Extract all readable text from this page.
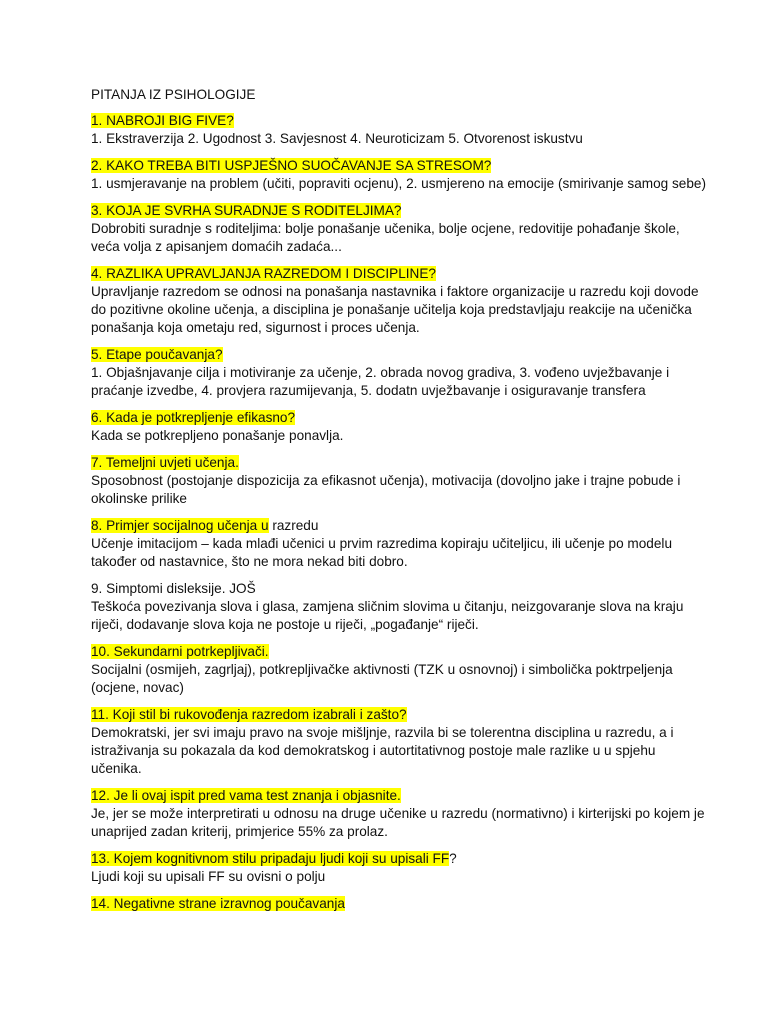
PITANJA IZ PSIHOLOGIJE
1. NABROJI BIG FIVE?
1. Ekstraverzija 2. Ugodnost 3. Savjesnost 4. Neuroticizam 5. Otvorenost iskustvu
2. KAKO TREBA BITI USPJEŠNO SUOČAVANJE SA STRESOM?
1. usmjeravanje na problem (učiti, popraviti ocjenu), 2. usmjereno na emocije (smirivanje samog sebe)
3. KOJA JE SVRHA SURADNJE S RODITELJIMA?
Dobrobiti suradnje s roditeljima: bolje ponašanje učenika, bolje ocjene, redovitije pohađanje škole, veća volja z apisanjem domaćih zadaća...
4. RAZLIKA UPRAVLJANJA RAZREDOM I DISCIPLINE?
Upravljanje razredom se odnosi na ponašanja nastavnika i faktore organizacije u razredu koji dovode do pozitivne okoline učenja, a disciplina je ponašanje učitelja koja predstavljaju reakcije na učenička ponašanja koja ometaju red, sigurnost i proces učenja.
5. Etape poučavanja?
1. Objašnjavanje cilja i motiviranje za učenje, 2. obrada novog gradiva, 3. vođeno uvježbavanje i praćanje izvedbe, 4. provjera razumijevanja, 5. dodatn uvježbavanje i osiguravanje transfera
6. Kada je potkrepljenje efikasno?
Kada se potkrepljeno ponašanje ponavlja.
7. Temeljni uvjeti učenja.
Sposobnost (postojanje dispozicija za efikasnot učenja), motivacija (dovoljno jake i trajne pobude i okolinske prilike
8. Primjer socijalnog učenja u razredu
Učenje imitacijom – kada mlađi učenici u prvim razredima kopiraju učiteljicu, ili učenje po modelu također od nastavnice, što ne mora nekad biti dobro.
9. Simptomi disleksije. JOŠ
Teškoća povezivanja slova i glasa, zamjena sličnim slovima u čitanju, neizgovaranje slova na kraju riječi, dodavanje slova koja ne postoje u riječi, „pogađanje“ riječi.
10. Sekundarni potrkepljivači.
Socijalni (osmijeh, zagrljaj), potkrepljivačke aktivnosti (TZK u osnovnoj) i simbolička poktrpeljenja (ocjene, novac)
11. Koji stil bi rukovođenja razredom izabrali i zašto?
Demokratski, jer svi imaju pravo na svoje mišljnje, razvila bi se tolerentna disciplina u razredu, a i istraživanja su pokazala da kod demokratskog i autortitativnog postoje male razlike u u spjehu učenika.
12. Je li ovaj ispit pred vama test znanja i objasnite.
Je, jer se može interpretirati u odnosu na druge učenike u razredu (normativno) i kirterijski po kojem je unaprijed zadan kriterij, primjerice 55% za prolaz.
13. Kojem kognitivnom stilu pripadaju ljudi koji su upisali FF?
Ljudi koji su upisali FF su ovisni o polju
14. Negativne strane izravnog poučavanja
